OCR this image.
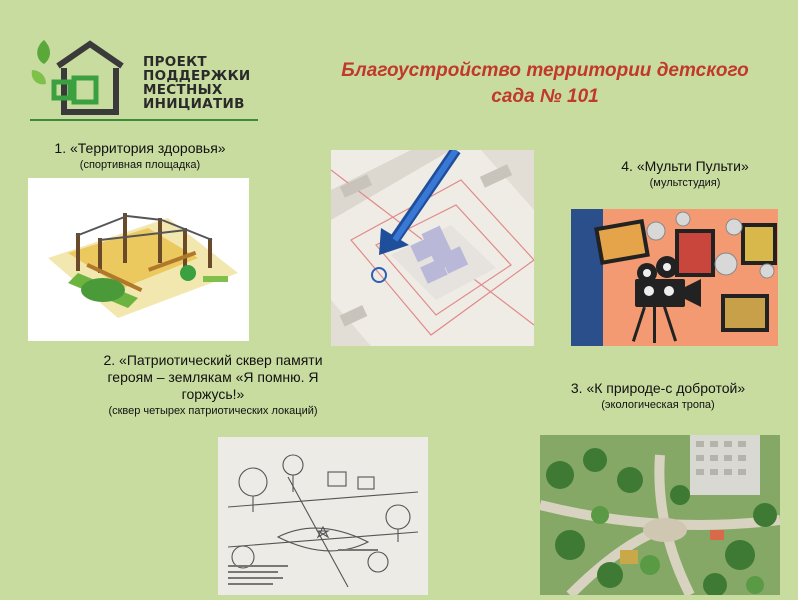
ПРОЕКТ
ПОДДЕРЖКИ
МЕСТНЫХ
ИНИЦИАТИВ
Благоустройство территории детского
сада № 101
1. «Территория здоровья»
(спортивная площадка)
2. «Патриотический сквер памяти
героям – землякам «Я помню. Я
горжусь!»
(сквер четырех патриотических локаций)
4. «Мульти Пульти»
(мультстудия)
3. «К природе-с добротой»
(экологическая тропа)
